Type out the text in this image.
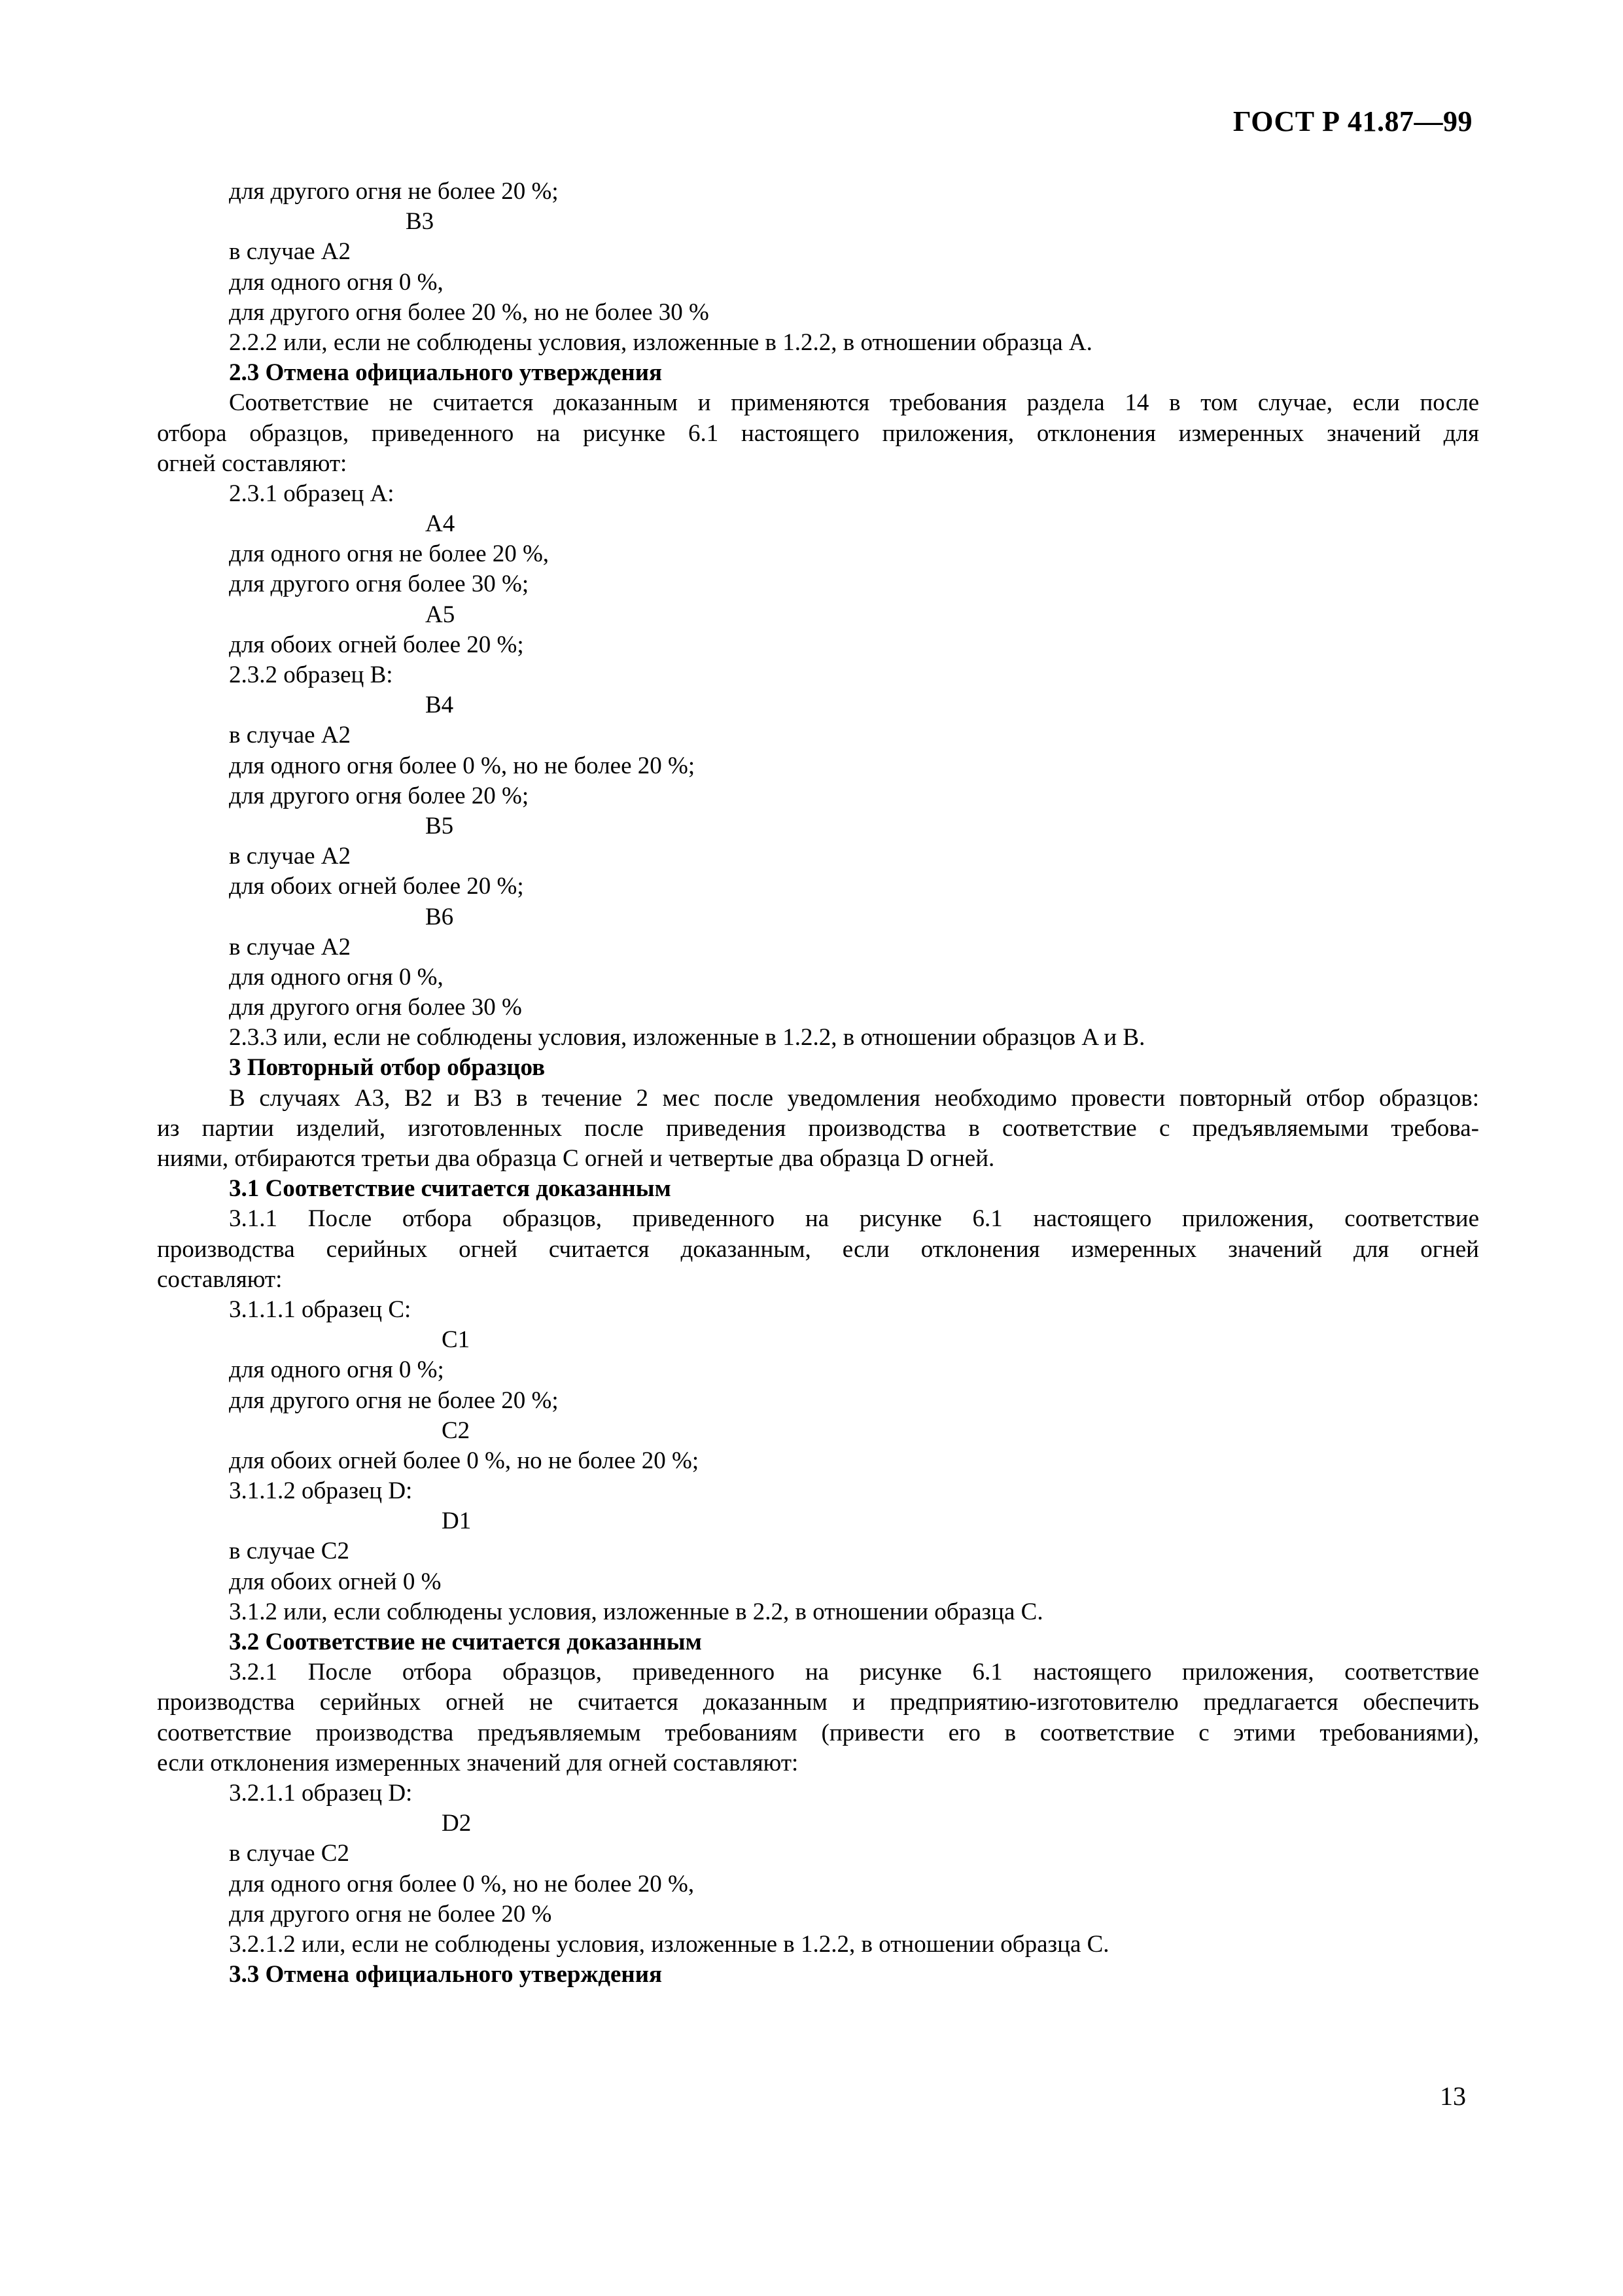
ГОСТ Р 41.87—99
для другого огня не более 20 %;
B3
в случае A2
для одного огня 0 %,
для другого огня более 20 %, но не более 30 %
2.2.2 или, если не соблюдены условия, изложенные в 1.2.2, в отношении образца A.
2.3 Отмена официального утверждения
Соответствие не считается доказанным и применяются требования раздела 14 в том случае, если после
отбора образцов, приведенного на рисунке 6.1 настоящего приложения, отклонения измеренных значений для
огней составляют:
2.3.1 образец A:
A4
для одного огня не более 20 %,
для другого огня более 30 %;
A5
для обоих огней более 20 %;
2.3.2 образец B:
B4
в случае A2
для одного огня более 0 %, но не более 20 %;
для другого огня более 20 %;
B5
в случае A2
для обоих огней более 20 %;
B6
в случае A2
для одного огня 0 %,
для другого огня более 30 %
2.3.3 или, если не соблюдены условия, изложенные в 1.2.2, в отношении образцов A и B.
3 Повторный отбор образцов
В случаях A3, B2 и B3 в течение 2 мес после уведомления необходимо провести повторный отбор образцов:
из партии изделий, изготовленных после приведения производства в соответствие с предъявляемыми требова-
ниями, отбираются третьи два образца C огней и четвертые два образца D огней.
3.1 Соответствие считается доказанным
3.1.1 После отбора образцов, приведенного на рисунке 6.1 настоящего приложения, соответствие
производства серийных огней считается доказанным, если отклонения измеренных значений для огней
составляют:
3.1.1.1 образец C:
C1
для одного огня 0 %;
для другого огня не более 20 %;
C2
для обоих огней более 0 %, но не более 20 %;
3.1.1.2 образец D:
D1
в случае C2
для обоих огней 0 %
3.1.2 или, если соблюдены условия, изложенные в 2.2, в отношении образца C.
3.2 Соответствие не считается доказанным
3.2.1 После отбора образцов, приведенного на рисунке 6.1 настоящего приложения, соответствие
производства серийных огней не считается доказанным и предприятию-изготовителю предлагается обеспечить
соответствие производства предъявляемым требованиям (привести его в соответствие с этими требованиями),
если отклонения измеренных значений для огней составляют:
3.2.1.1 образец D:
D2
в случае C2
для одного огня более 0 %, но не более 20 %,
для другого огня не более 20 %
3.2.1.2 или, если не соблюдены условия, изложенные в 1.2.2, в отношении образца C.
3.3 Отмена официального утверждения
13
